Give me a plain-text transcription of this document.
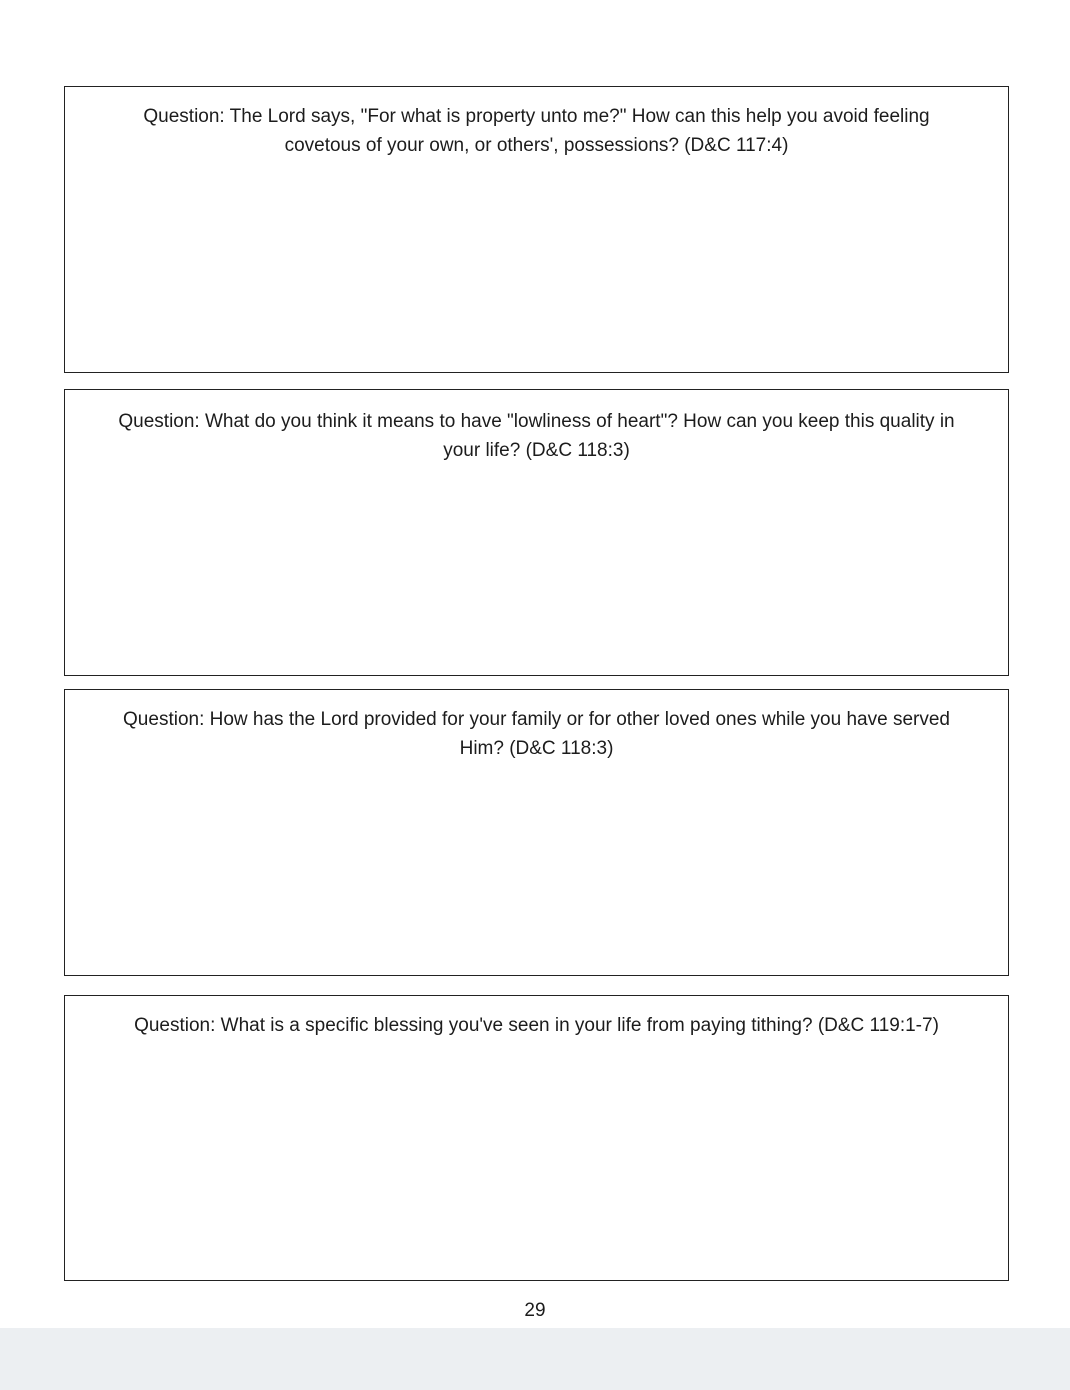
Question: The Lord says, "For what is property unto me?" How can this help you avoid feeling covetous of your own, or others', possessions? (D&C 117:4)

Question: What do you think it means to have "lowliness of heart"? How can you keep this quality in your life? (D&C 118:3)

Question: How has the Lord provided for your family or for other loved ones while you have served Him? (D&C 118:3)

Question: What is a specific blessing you've seen in your life from paying tithing? (D&C 119:1-7)

29
